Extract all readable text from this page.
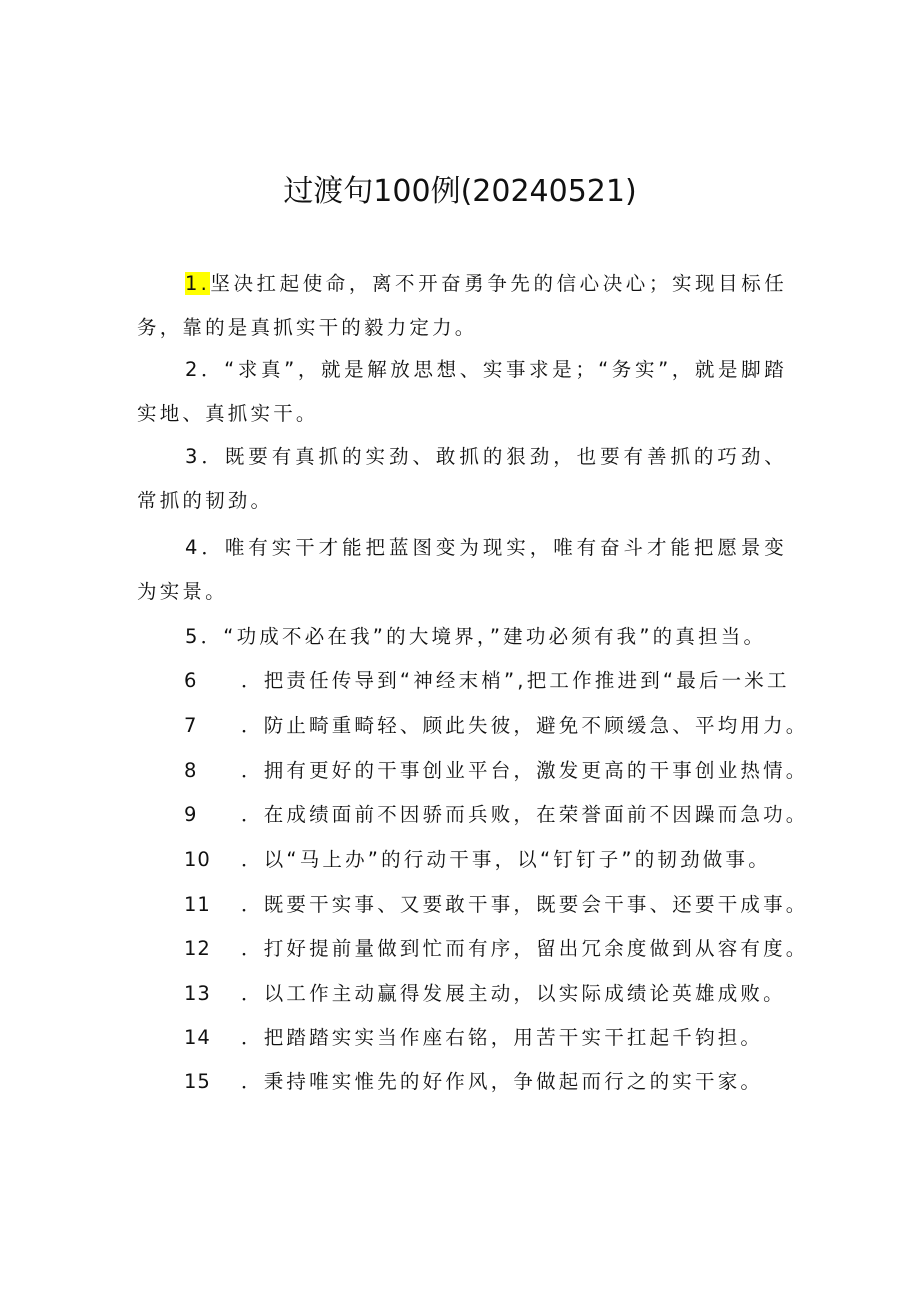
过渡句100例(20240521)
1.坚决扛起使命，离不开奋勇争先的信心决心；实现目标任务，靠的是真抓实干的毅力定力。
2．“求真”，就是解放思想、实事求是；“务实”，就是脚踏实地、真抓实干。
3．既要有真抓的实劲、敢抓的狠劲，也要有善抓的巧劲、常抓的韧劲。
4．唯有实干才能把蓝图变为现实，唯有奋斗才能把愿景变为实景。
5．“功成不必在我”的大境界，”建功必须有我”的真担当。
6 ．把责任传导到“神经末梢”,把工作推进到“最后一米工
7 ．防止畸重畸轻、顾此失彼，避免不顾缓急、平均用力。
8 ．拥有更好的干事创业平台，激发更高的干事创业热情。
9 ．在成绩面前不因骄而兵败，在荣誉面前不因躁而急功。
10 ．以“马上办”的行动干事，以“钉钉子”的韧劲做事。
11 ．既要干实事、又要敢干事，既要会干事、还要干成事。
12 ．打好提前量做到忙而有序，留出冗余度做到从容有度。
13 ．以工作主动赢得发展主动，以实际成绩论英雄成败。
14 ．把踏踏实实当作座右铭，用苦干实干扛起千钧担。
15 ．秉持唯实惟先的好作风，争做起而行之的实干家。
